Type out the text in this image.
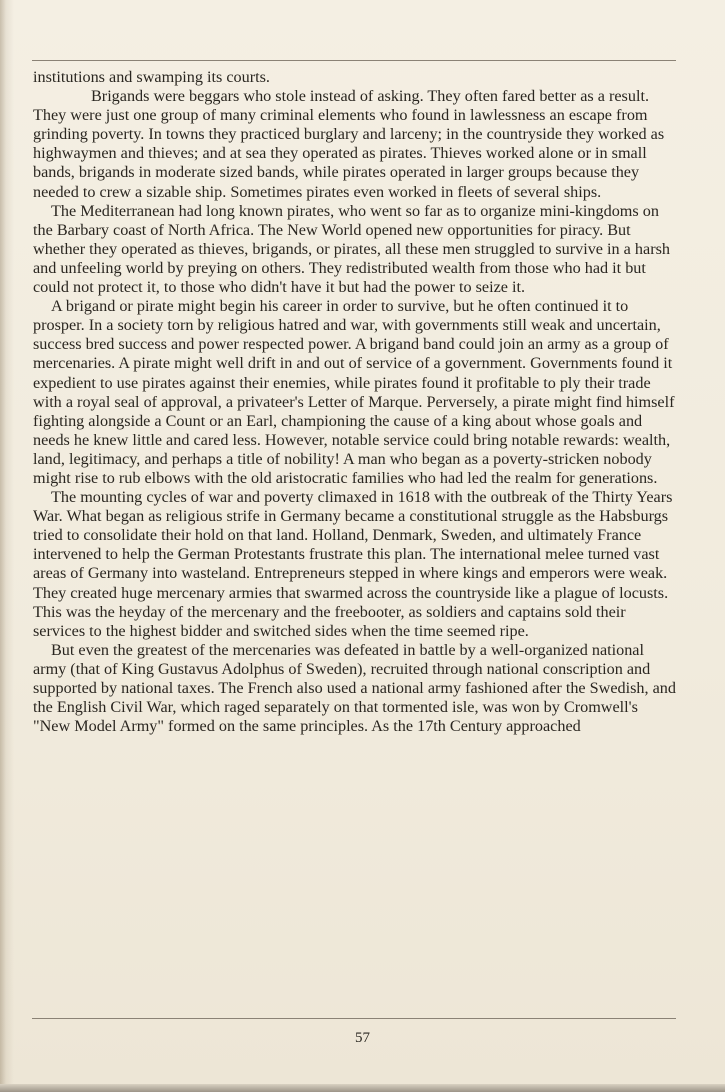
institutions and swamping its courts.

Brigands were beggars who stole instead of asking. They often fared better as a result. They were just one group of many criminal elements who found in lawlessness an escape from grinding poverty. In towns they practiced burglary and larceny; in the countryside they worked as highwaymen and thieves; and at sea they operated as pirates. Thieves worked alone or in small bands, brigands in moderate sized bands, while pirates operated in larger groups because they needed to crew a sizable ship. Sometimes pirates even worked in fleets of several ships.

The Mediterranean had long known pirates, who went so far as to organize mini-kingdoms on the Barbary coast of North Africa. The New World opened new opportunities for piracy. But whether they operated as thieves, brigands, or pirates, all these men struggled to survive in a harsh and unfeeling world by preying on others. They redistributed wealth from those who had it but could not protect it, to those who didn't have it but had the power to seize it.

A brigand or pirate might begin his career in order to survive, but he often continued it to prosper. In a society torn by religious hatred and war, with governments still weak and uncertain, success bred success and power respected power. A brigand band could join an army as a group of mercenaries. A pirate might well drift in and out of service of a government. Governments found it expedient to use pirates against their enemies, while pirates found it profitable to ply their trade with a royal seal of approval, a privateer's Letter of Marque. Perversely, a pirate might find himself fighting alongside a Count or an Earl, championing the cause of a king about whose goals and needs he knew little and cared less. However, notable service could bring notable rewards: wealth, land, legitimacy, and perhaps a title of nobility! A man who began as a poverty-stricken nobody might rise to rub elbows with the old aristocratic families who had led the realm for generations.

The mounting cycles of war and poverty climaxed in 1618 with the outbreak of the Thirty Years War. What began as religious strife in Germany became a constitutional struggle as the Habsburgs tried to consolidate their hold on that land. Holland, Denmark, Sweden, and ultimately France intervened to help the German Protestants frustrate this plan. The international melee turned vast areas of Germany into wasteland. Entrepreneurs stepped in where kings and emperors were weak. They created huge mercenary armies that swarmed across the countryside like a plague of locusts. This was the heyday of the mercenary and the freebooter, as soldiers and captains sold their services to the highest bidder and switched sides when the time seemed ripe.

But even the greatest of the mercenaries was defeated in battle by a well-organized national army (that of King Gustavus Adolphus of Sweden), recruited through national conscription and supported by national taxes. The French also used a national army fashioned after the Swedish, and the English Civil War, which raged separately on that tormented isle, was won by Cromwell's "New Model Army" formed on the same principles. As the 17th Century approached

57
